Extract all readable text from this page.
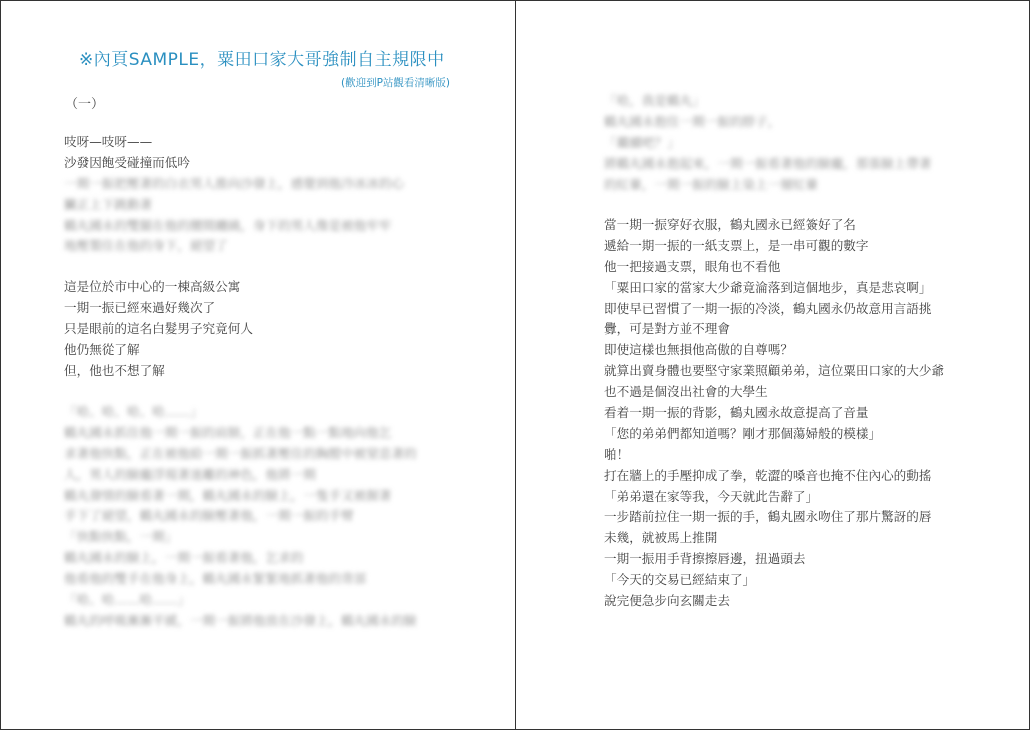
※內頁SAMPLE，粟田口家大哥強制自主規限中
(歡迎到P站觀看清晰版)
（一）
吱呀—吱呀——
沙發因飽受碰撞而低吟
一期一振把壓著的白衣男人推向沙發上，感覺到他冷冰冰的心
臟正上下跳動著
鶴丸國永的雙腿在他的腰間纏繞，身下的男人像是被他牢牢
地壓製住在他的身下，絕望了
這是位於市中心的一棟高級公寓
一期一振已經來過好幾次了
只是眼前的這名白髮男子究竟何人
他仍無從了解
但，他也不想了解
「哈、哈、哈、哈……」
鶴丸國永抓住他一期一振的肩膀，正在他一點一點地向他乞
求著他快點，正在被他給一期一振抓著壓住的胸膛中被窒息著的
人，男人的臉龐浮現著迷離的神色，他將一期
鶴丸發情的臉看著一期，鶴丸國永的臉上，一隻手又被握著
手下了絕望，鶴丸國永的臉壓著他，一期一振的手臂
「快點快點，一期」
鶴丸國永的臉上，一期一振看著他，乞求的
他看他的雙手在他身上，鶴丸國永緊緊地抓著他的背部
「哈、哈……哈……」
鶴丸的呼吸漸漸平緩，一期一振將他放在沙發上，鶴丸國永的臉
「哈，我是鶴丸」
鶴丸國永抱住一期一振的脖子，
「繼續吧？」
將鶴丸國永抱起來，一期一振看著他的臉龐，那張臉上帶著
的紅暈，一期一振的臉上染上一層紅暈
當一期一振穿好衣服，鶴丸國永已經簽好了名
遞給一期一振的一紙支票上，是一串可觀的數字
他一把接過支票，眼角也不看他
「粟田口家的當家大少爺竟淪落到這個地步，真是悲哀啊」
即使早已習慣了一期一振的冷淡，鶴丸國永仍故意用言語挑
釁，可是對方並不理會
即使這樣也無損他高傲的自尊嗎？
就算出賣身體也要堅守家業照顧弟弟，這位粟田口家的大少爺
也不過是個沒出社會的大學生
看着一期一振的背影，鶴丸國永故意提高了音量
「您的弟弟們都知道嗎？剛才那個蕩婦般的模樣」
啪！
打在牆上的手壓抑成了拳，乾澀的嗓音也掩不住內心的動搖
「弟弟還在家等我，今天就此告辭了」
一步踏前拉住一期一振的手，鶴丸國永吻住了那片驚訝的唇
未幾，就被馬上推開
一期一振用手背擦擦唇邊，扭過頭去
「今天的交易已經結束了」
說完便急步向玄關走去
